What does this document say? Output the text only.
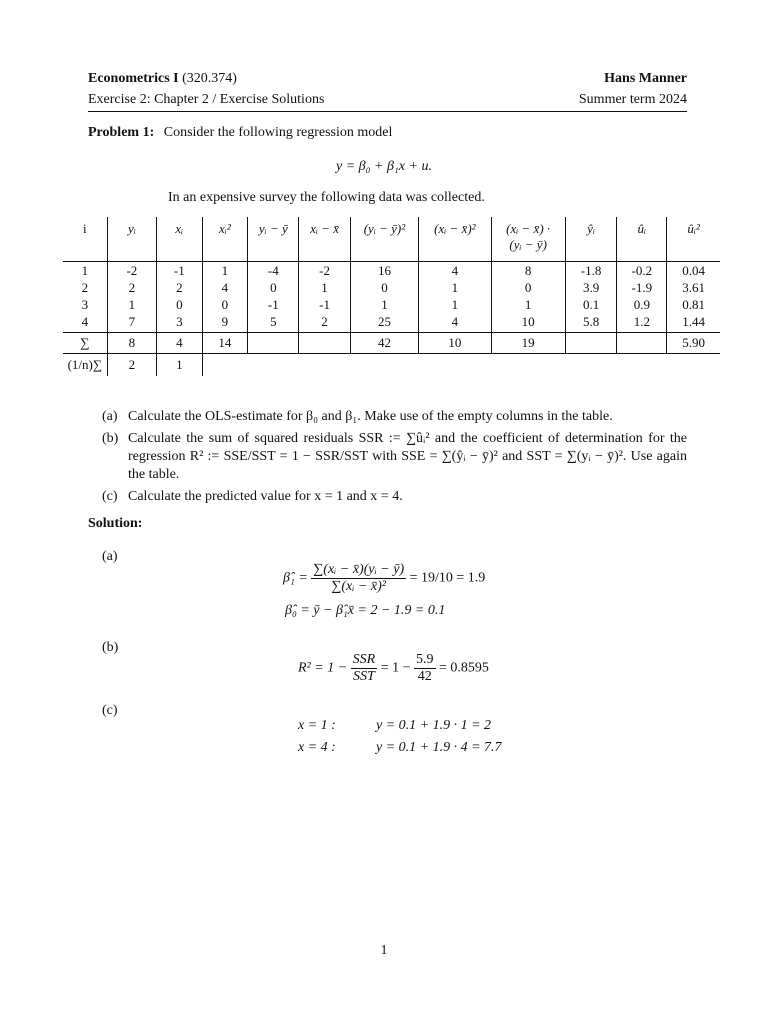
Econometrics I (320.374)	Hans Manner
Exercise 2: Chapter 2 / Exercise Solutions	Summer term 2024
Problem 1: Consider the following regression model
y = β₀ + β₁x + u.
In an expensive survey the following data was collected.
i	yᵢ	xᵢ	xᵢ²	yᵢ − ȳ	xᵢ − x̄	(yᵢ − ȳ)²	(xᵢ − x̄)²	(xᵢ − x̄) ·
(yᵢ − ȳ)	ŷᵢ	ûᵢ	ûᵢ²
1	-2	-1	1	-4	-2	16	4	8	-1.8	-0.2	0.04
2	2	2	4	0	1	0	1	0	3.9	-1.9	3.61
3	1	0	0	-1	-1	1	1	1	0.1	0.9	0.81
4	7	3	9	5	2	25	4	10	5.8	1.2	1.44
∑	8	4	14			42	10	19			5.90
(1/n)∑	2	1									
(a) Calculate the OLS-estimate for β₀ and β₁. Make use of the empty columns in the table.
(b) Calculate the sum of squared residuals SSR := ∑ûᵢ² and the coefficient of determination for the regression R² := SSE/SST = 1 − SSR/SST with SSE = ∑(ŷᵢ − ȳ)² and SST = ∑(yᵢ − ȳ)². Use again the table.
(c) Calculate the predicted value for x = 1 and x = 4.
Solution:
(a)
β̂₁ = $\frac{\text{∑(xᵢ − x̄)(yᵢ − ȳ)}}{\text{∑(xᵢ − x̄)²}} = 19/10 = 1.9$
β̂₀ = ȳ − β̂₁x̄ = 2 − 1.9 = 0.1
(b)
$R^2 = 1 - \frac{\text{SSR}}{\text{SST}} = 1 - \frac{5.9}{42} = 0.8595$
(c)
x = 1 :	y = 0.1 + 1.9 · 1 = 2
x = 4 :	y = 0.1 + 1.9 · 4 = 7.7
1
